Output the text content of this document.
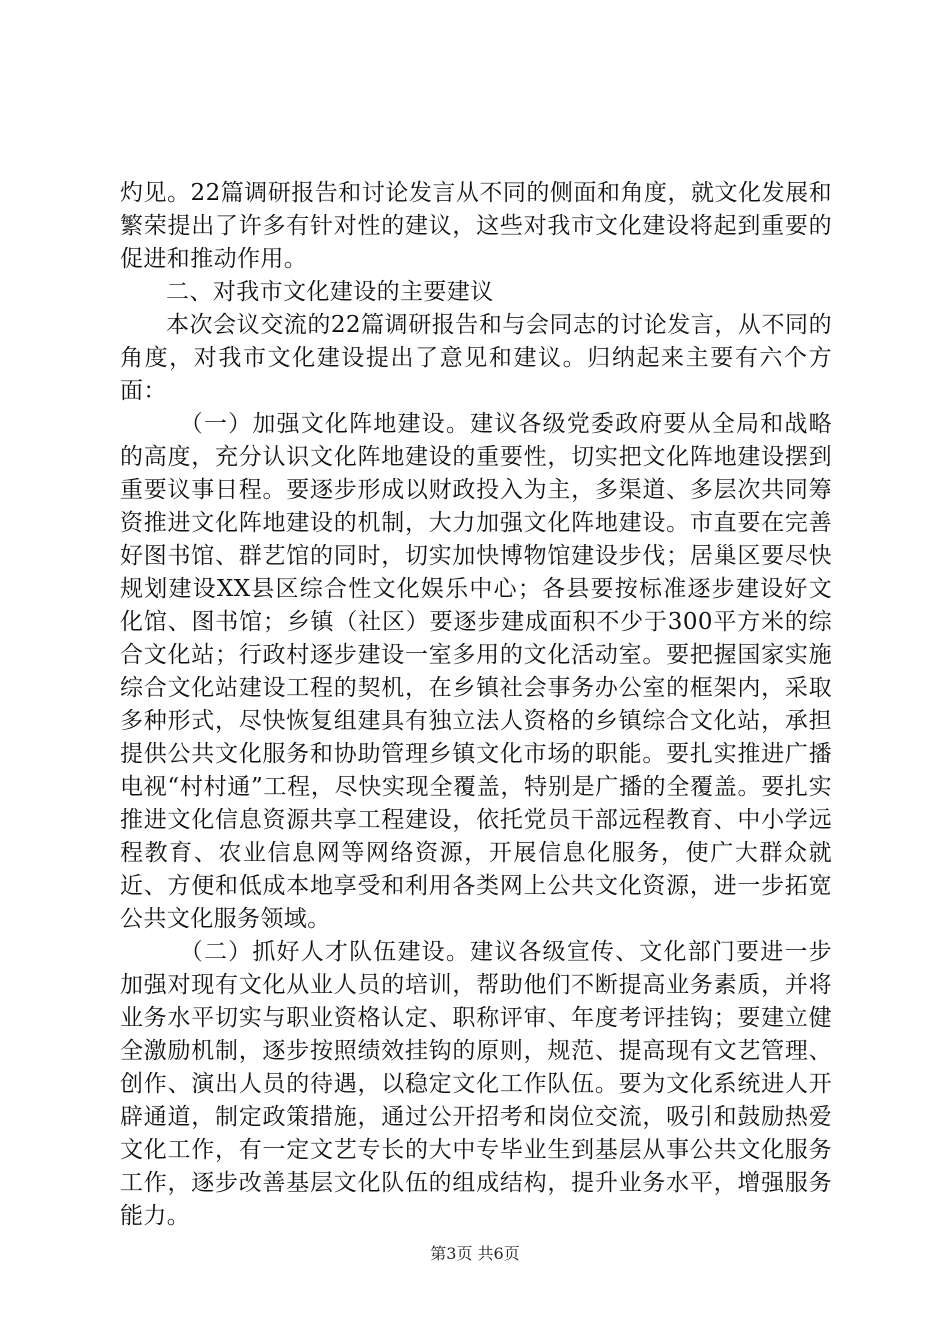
灼见。22篇调研报告和讨论发言从不同的侧面和角度，就文化发展和繁荣提出了许多有针对性的建议，这些对我市文化建设将起到重要的促进和推动作用。

二、对我市文化建设的主要建议

本次会议交流的22篇调研报告和与会同志的讨论发言，从不同的角度，对我市文化建设提出了意见和建议。归纳起来主要有六个方面：

（一）加强文化阵地建设。建议各级党委政府要从全局和战略的高度，充分认识文化阵地建设的重要性，切实把文化阵地建设摆到重要议事日程。要逐步形成以财政投入为主，多渠道、多层次共同筹资推进文化阵地建设的机制，大力加强文化阵地建设。市直要在完善好图书馆、群艺馆的同时，切实加快博物馆建设步伐；居巢区要尽快规划建设XX县区综合性文化娱乐中心；各县要按标准逐步建设好文化馆、图书馆；乡镇（社区）要逐步建成面积不少于300平方米的综合文化站；行政村逐步建设一室多用的文化活动室。要把握国家实施综合文化站建设工程的契机，在乡镇社会事务办公室的框架内，采取多种形式，尽快恢复组建具有独立法人资格的乡镇综合文化站，承担提供公共文化服务和协助管理乡镇文化市场的职能。要扎实推进广播电视“村村通”工程，尽快实现全覆盖，特别是广播的全覆盖。要扎实推进文化信息资源共享工程建设，依托党员干部远程教育、中小学远程教育、农业信息网等网络资源，开展信息化服务，使广大群众就近、方便和低成本地享受和利用各类网上公共文化资源，进一步拓宽公共文化服务领域。

（二）抓好人才队伍建设。建议各级宣传、文化部门要进一步加强对现有文化从业人员的培训，帮助他们不断提高业务素质，并将业务水平切实与职业资格认定、职称评审、年度考评挂钩；要建立健全激励机制，逐步按照绩效挂钩的原则，规范、提高现有文艺管理、创作、演出人员的待遇，以稳定文化工作队伍。要为文化系统进人开辟通道，制定政策措施，通过公开招考和岗位交流，吸引和鼓励热爱文化工作，有一定文艺专长的大中专毕业生到基层从事公共文化服务工作，逐步改善基层文化队伍的组成结构，提升业务水平，增强服务能力。

第3页 共6页
